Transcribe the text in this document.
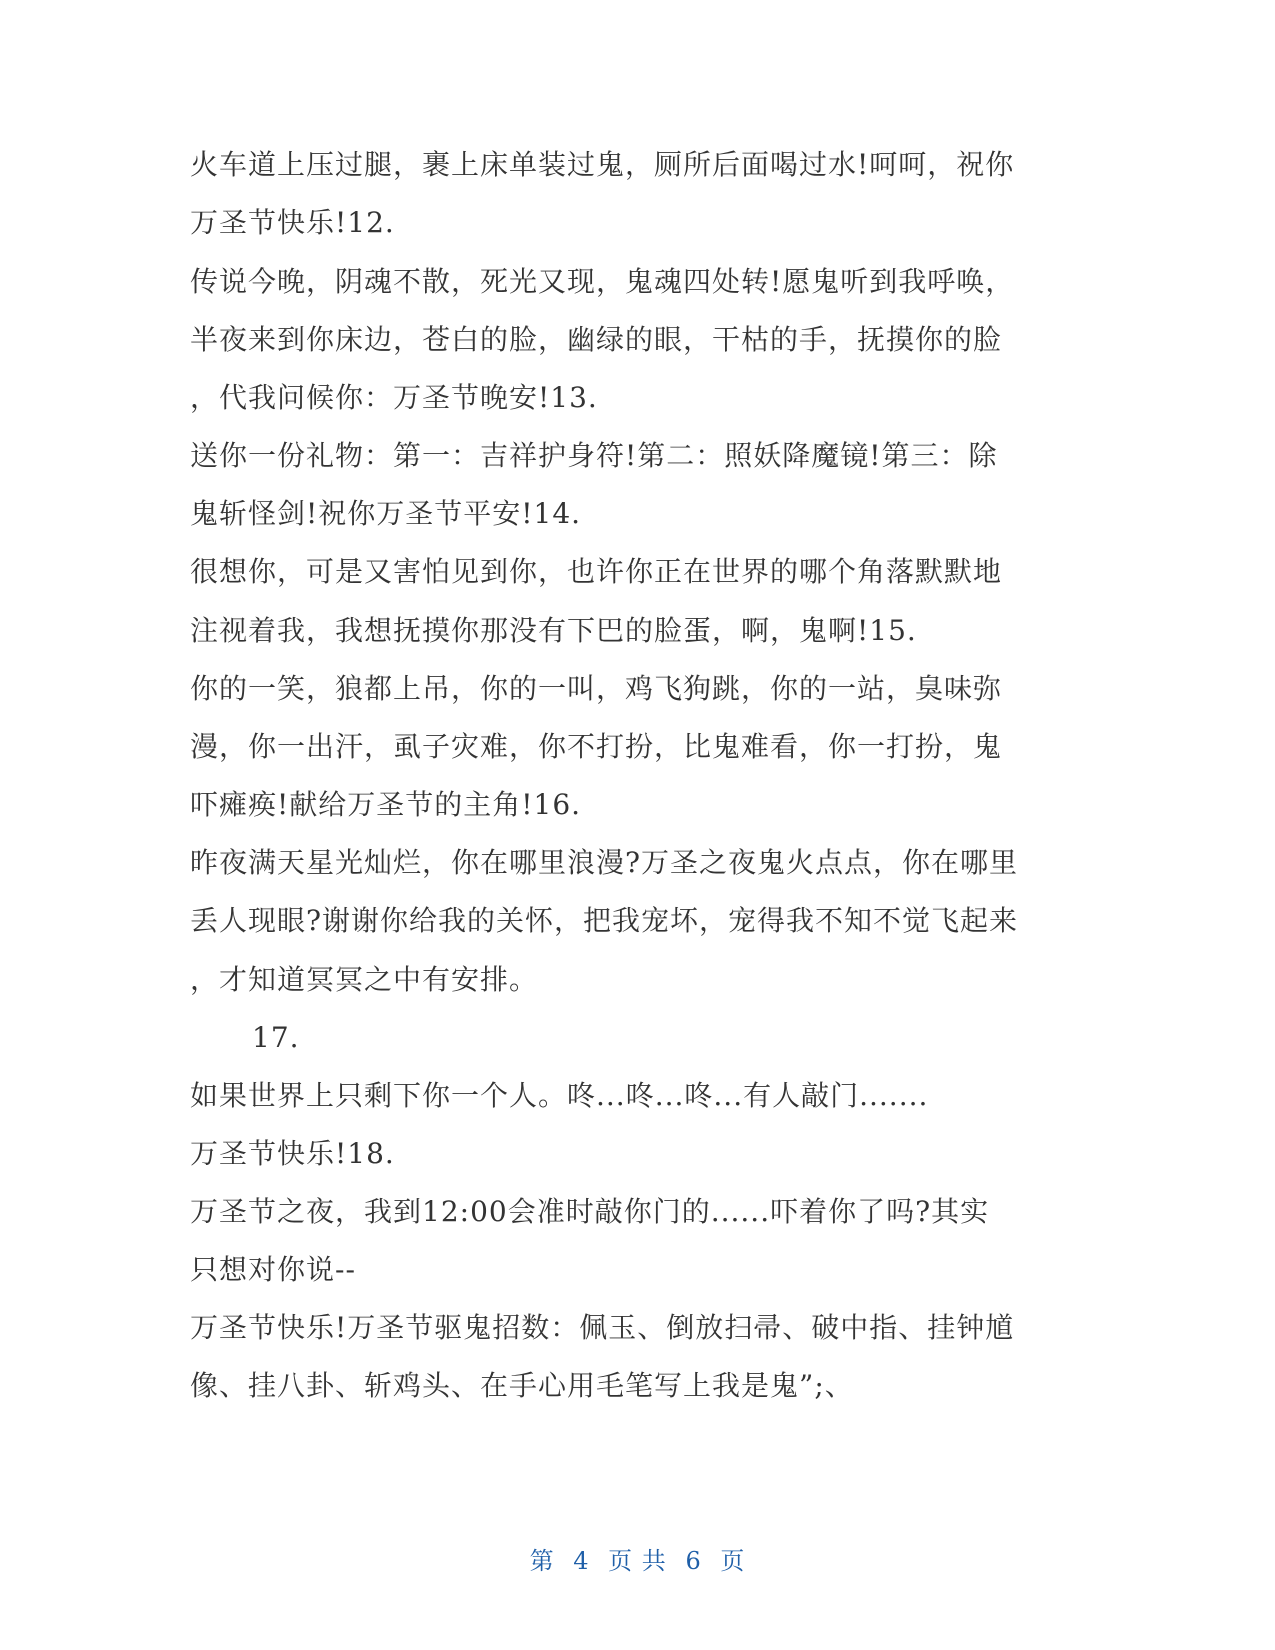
火车道上压过腿，裹上床单装过鬼，厕所后面喝过水!呵呵，祝你
万圣节快乐!12.
传说今晚，阴魂不散，死光又现，鬼魂四处转!愿鬼听到我呼唤，
半夜来到你床边，苍白的脸，幽绿的眼，干枯的手，抚摸你的脸
，代我问候你：万圣节晚安!13.
送你一份礼物：第一：吉祥护身符!第二：照妖降魔镜!第三：除
鬼斩怪剑!祝你万圣节平安!14.
很想你，可是又害怕见到你，也许你正在世界的哪个角落默默地
注视着我，我想抚摸你那没有下巴的脸蛋，啊，鬼啊!15.
你的一笑，狼都上吊，你的一叫，鸡飞狗跳，你的一站，臭味弥
漫，你一出汗，虱子灾难，你不打扮，比鬼难看，你一打扮，鬼
吓瘫痪!献给万圣节的主角!16.
昨夜满天星光灿烂，你在哪里浪漫?万圣之夜鬼火点点，你在哪里
丢人现眼?谢谢你给我的关怀，把我宠坏，宠得我不知不觉飞起来
，才知道冥冥之中有安排。
17.
如果世界上只剩下你一个人。咚...咚...咚...有人敲门.......
万圣节快乐!18.
万圣节之夜，我到12:00会准时敲你门的......吓着你了吗?其实
只想对你说--
万圣节快乐!万圣节驱鬼招数：佩玉、倒放扫帚、破中指、挂钟馗
像、挂八卦、斩鸡头、在手心用毛笔写上我是鬼”;、
第 4 页 共 6 页
